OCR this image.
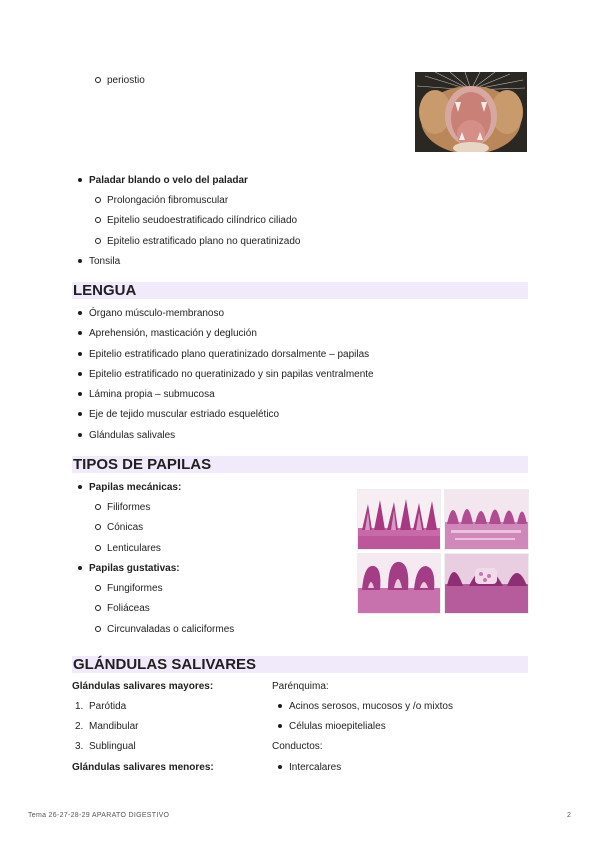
periostio
Paladar blando o velo del paladar
Prolongación fibromuscular
Epitelio seudoestratificado cilíndrico ciliado
Epitelio estratificado plano no queratinizado
Tonsila
LENGUA
Órgano músculo-membranoso
Aprehensión, masticación y deglución
Epitelio estratificado plano queratinizado dorsalmente – papilas
Epitelio estratificado no queratinizado y sin papilas ventralmente
Lámina propia – submucosa
Eje de tejido muscular estriado esquelético
Glándulas salivales
TIPOS DE PAPILAS
Papilas mecánicas:
Filiformes
Cónicas
Lenticulares
Papilas gustativas:
Fungiformes
Foliáceas
Circunvaladas o caliciformes
GLÁNDULAS SALIVARES
Glándulas salivares mayores:
1. Parótida
2. Mandibular
3. Sublingual
Glándulas salivares menores:
Parénquima:
Acinos serosos, mucosos y /o mixtos
Células mioepiteliales
Conductos:
Intercalares
Tema 26-27-28-29 APARATO DIGESTIVO	2
